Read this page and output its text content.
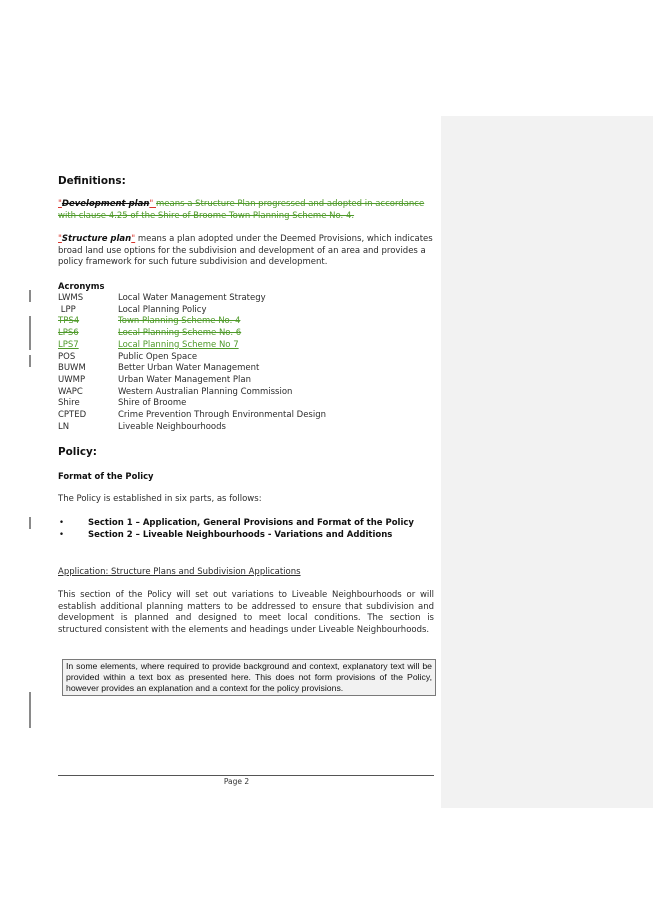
Definitions:
"Development plan" means a Structure Plan progressed and adopted in accordance with clause 4.25 of the Shire of Broome Town Planning Scheme No. 4.
"Structure plan" means a plan adopted under the Deemed Provisions, which indicates broad land use options for the subdivision and development of an area and provides a policy framework for such future subdivision and development.
Acronyms
LWMS	Local Water Management Strategy
LPP	Local Planning Policy
TPS4	Town Planning Scheme No. 4
LPS6	Local Planning Scheme No. 6
LPS7	Local Planning Scheme No 7
POS	Public Open Space
BUWM	Better Urban Water Management
UWMP	Urban Water Management Plan
WAPC	Western Australian Planning Commission
Shire	Shire of Broome
CPTED	Crime Prevention Through Environmental Design
LN	Liveable Neighbourhoods
Policy:
Format of the Policy
The Policy is established in six parts, as follows:
•	Section 1 – Application, General Provisions and Format of the Policy
•	Section 2 – Liveable Neighbourhoods - Variations and Additions
Application: Structure Plans and Subdivision Applications
This section of the Policy will set out variations to Liveable Neighbourhoods or will establish additional planning matters to be addressed to ensure that subdivision and development is planned and designed to meet local conditions. The section is structured consistent with the elements and headings under Liveable Neighbourhoods.
In some elements, where required to provide background and context, explanatory text will be provided within a text box as presented here. This does not form provisions of the Policy, however provides an explanation and a context for the policy provisions.
Page 2
